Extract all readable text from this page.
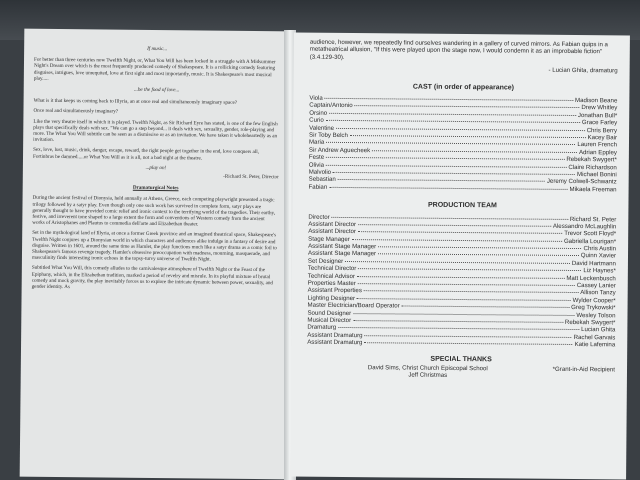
If music...

For better than three centuries now Twelfth Night, or, What You Will has been locked in a struggle with A Midsummer Night's Dream over which is the most frequently produced comedy of Shakespeare. It is a rollicking comedy featuring disguises, intrigues, love unrequited, love at first sight and most importantly, music. It is Shakespeare's most musical play.....

...be the food of love...

What is it that keeps us coming back to Illyria, an at once real and simultaneously imaginary space?

Once real and simultaneously imaginary?

Like the very theatre itself in which it is played. Twelfth Night, as Sir Richard Eyre has stated, is one of the few English plays that specifically deals with sex. "We can go a step beyond... it deals with sex, sexuality, gender, role-playing and more. The What You Will subtitle can be seen as a dismissive or as an invitation. We have taken it wholeheartedly as an invitation.

Sex, love, lust, music, drink, danger, escape, reward, the right people get together in the end, love conquers all, Fortinbras be damned.....or What You Will as it is all, not a bad night at the theatre.

...play on!
-Richard St. Peter, Director
Dramaturgical Notes

During the ancient festival of Dionysia, held annually at Athens, Greece, each competing playwright presented a tragic trilogy followed by a satyr play. Even though only one such work has survived in complete form, satyr plays are generally thought to have provided comic relief and ironic context to the terrifying world of the tragedies. Their earthy, festive, and irreverent tone shaped to a large extent the form and conventions of Western comedy from the ancient works of Aristophanes and Plautus to commedia dell'arte and Elizabethan theater.

Set in the mythological land of Illyria, at once a former Greek province and an imagined theatrical space, Shakespeare's Twelfth Night conjures up a Dionysian world in which characters and audiences alike indulge in a fantasy of desire and disguise. Written in 1601, around the same time as Hamlet, the play functions much like a satyr drama as a comic foil to Shakespeare's famous revenge tragedy. Hamlet's obsessive preoccupation with madness, mourning, masquerade, and masculinity finds interesting ironic echoes in the topsy-turvy universe of Twelfth Night.

Subtitled What You Will, this comedy alludes to the carnivalesque atmosphere of Twelfth Night or the Feast of the Epiphany, which, in the Elizabethan tradition, marked a period of revelry and misrule. In its playful mixture of brutal comedy and mock gravity, the play inevitably forces us to explore the intricate dynamic between power, sexuality, and gender identity. As

audience, however, we repeatedly find ourselves wandering in a gallery of curved mirrors. As Fabian quips in a metatheatrical allusion, "If this were played upon the stage now, I would condemn it as an improbable fiction" (3.4.129-30).

- Lucian Ghita, dramaturg
CAST (in order of appearance)
Viola	Madison Beane
Captain/Antonio	Drew Whitley
Orsino	Jonathan Bull*
Curio	Grace Farley
Valentine	Chris Berry
Sir Toby Belch	Kacey Bair
Maria	Lauren French
Sir Andrew Aguecheek	Adrian Eppley
Feste	Rebekah Swygert*
Olivia	Claire Richardson
Malvolio	Michael Bonini
Sebastian	Jeremy Colwell-Schwantz
Fabian	Mikaela Freeman
PRODUCTION TEAM
Director	Richard St. Peter
Assistant Director	Alessandro McLaughlin
Assistant Director	Trevor Scott Floyd*
Stage Manager	Gabriella Lourigan*
Assistant Stage Manager	Chris Austin
Assistant Stage Manager	Quinn Xavier
Set Designer	David Hartmann
Technical Director	Liz Haynes*
Technical Advisor	Matt Leckenbusch
Properties Master	Cassey Lanier
Assistant Properties	Allison Tanzy
Lighting Designer	Wylder Cooper*
Master Electrician/Board Operator	Greg Trykowski*
Sound Designer	Wesley Tolson
Musical Director	Rebekah Swygert*
Dramaturg	Lucian Ghita
Assistant Dramaturg	Rachel Garvais
Assistant Dramaturg	Katie Lafemina
SPECIAL THANKS
David Sims, Christ Church Episcopal School
Jeff Christmas
*Grant-in-Aid Recipient
